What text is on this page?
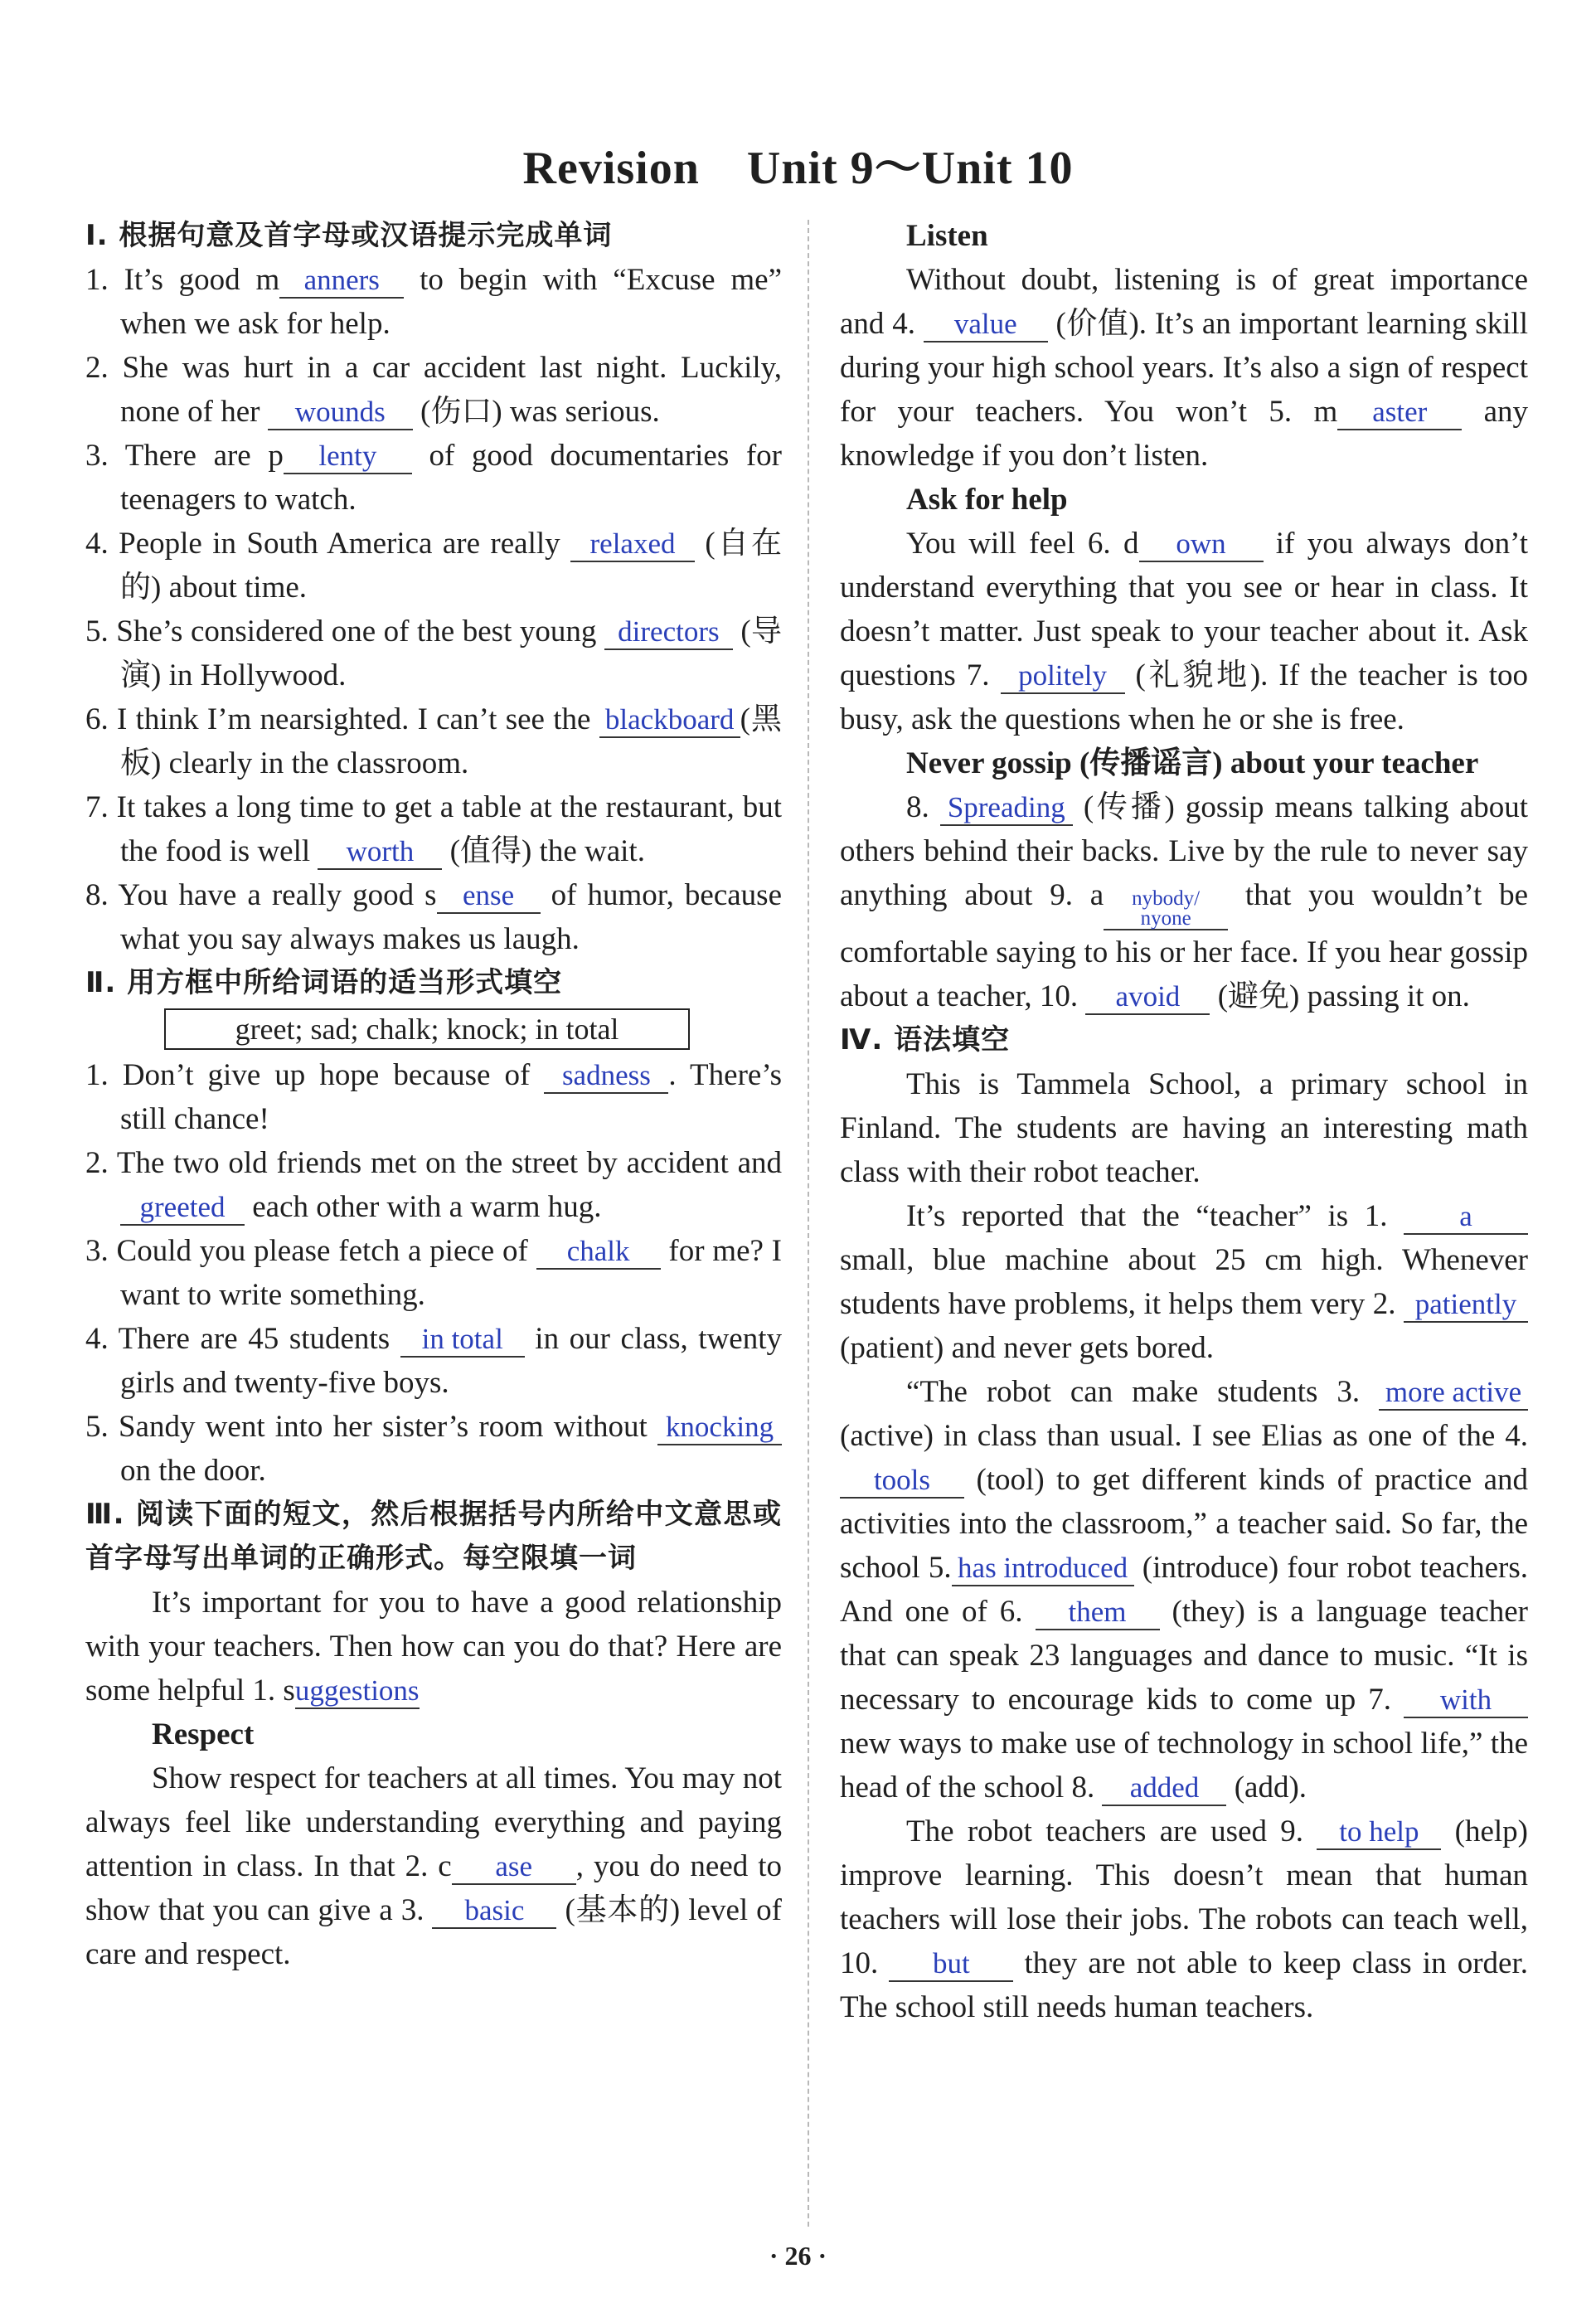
Revision　Unit 9～Unit 10
Ⅰ. 根据句意及首字母或汉语提示完成单词
1. It’s good m anners to begin with “Excuse me” when we ask for help.
2. She was hurt in a car accident last night. Luckily, none of her wounds (伤口) was serious.
3. There are p lenty of good documentaries for teenagers to watch.
4. People in South America are really relaxed (自在的) about time.
5. She’s considered one of the best young directors (导演) in Hollywood.
6. I think I’m nearsighted. I can’t see the blackboard (黑板) clearly in the classroom.
7. It takes a long time to get a table at the restaurant, but the food is well worth (值得) the wait.
8. You have a really good s ense of humor, because what you say always makes us laugh.
Ⅱ. 用方框中所给词语的适当形式填空
greet; sad; chalk; knock; in total
1. Don’t give up hope because of sadness . There’s still chance!
2. The two old friends met on the street by accident and greeted each other with a warm hug.
3. Could you please fetch a piece of chalk for me? I want to write something.
4. There are 45 students in total in our class, twenty girls and twenty-five boys.
5. Sandy went into her sister’s room without knocking on the door.
Ⅲ. 阅读下面的短文，然后根据括号内所给中文意思或首字母写出单词的正确形式。每空限填一词
It’s important for you to have a good relationship with your teachers. Then how can you do that? Here are some helpful 1. suggestions
Respect
Show respect for teachers at all times. You may not always feel like understanding everything and paying attention in class. In that 2. c ase , you do need to show that you can give a 3. basic (基本的) level of care and respect.
Listen
Without doubt, listening is of great importance and 4. value (价值). It’s an important learning skill during your high school years. It’s also a sign of respect for your teachers. You won’t 5. m aster any knowledge if you don’t listen.
Ask for help
You will feel 6. d own if you always don’t understand everything that you see or hear in class. It doesn’t matter. Just speak to your teacher about it. Ask questions 7. politely (礼貌地). If the teacher is too busy, ask the questions when he or she is free.
Never gossip (传播谣言) about your teacher
8. Spreading (传播) gossip means talking about others behind their backs. Live by the rule to never say anything about 9. a nybody/
nyone
that you wouldn’t be comfortable saying to his or her face. If you hear gossip about a teacher, 10. avoid (避免) passing it on.
Ⅳ. 语法填空
This is Tammela School, a primary school in Finland. The students are having an interesting math class with their robot teacher.
It’s reported that the “teacher” is 1. a small, blue machine about 25 cm high. Whenever students have problems, it helps them very 2. patiently (patient) and never gets bored.
“The robot can make students 3. more active (active) in class than usual. I see Elias as one of the 4. tools (tool) to get different kinds of practice and activities into the classroom,” a teacher said. So far, the school 5. has introduced (introduce) four robot teachers. And one of 6. them (they) is a language teacher that can speak 23 languages and dance to music. “It is necessary to encourage kids to come up 7. with new ways to make use of technology in school life,” the head of the school 8. added (add).
The robot teachers are used 9. to help (help) improve learning. This doesn’t mean that human teachers will lose their jobs. The robots can teach well, 10. but they are not able to keep class in order. The school still needs human teachers.
· 26 ·
